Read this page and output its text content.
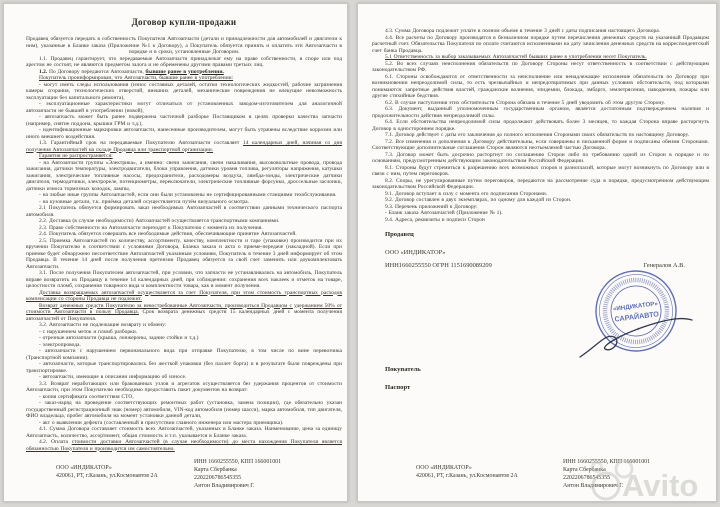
Договор купли-продажи

Продавец обязуется передать в собственность Покупателя Автозапчасти (детали и принадлежности для автомобилей и двигатели к ним), указанные в Бланке заказа (Приложение №1 к Договору), а Покупатель обязуется принять и оплатить эти Автозапчасти в порядке и в сроки, установленные Договором.

1.1. Продавец гарантирует, что передаваемые Автозапчасти принадлежат ему на праве собственности, в споре или под арестом не состоят, не являются предметом залога и не обременены другими правами третьих лиц.

1.2. По Договору передаются Автозапчасти, бывшие ранее в употреблении.

Покупатель проинформирован, что Автозапчасти, бывшие ранее в употреблении:

- могут иметь следы использования (износ составных деталей, остатки технологических жидкостей, рабочие загрязнения камеры сгорания, технологических отверстий, внешних деталей, механические повреждения не влекущие невозможность эксплуатации без капитального ремонта),

- эксплуатационные характеристики могут отличаться от установленных заводом-изготовителем для аналогичной автозапчасти не бывшей в употреблении (новой),

- автозапчасть может быть ранее подвержена частичной разборке Поставщиком в целях проверки качества запчасти (например, снятие поддона, крышки ГРМ и т.д.),

- идентификационные маркировки автозапчасти, нанесенные производителем, могут быть утрачены вследствие коррозии или иного внешнего воздействия.

1.3. Гарантийный срок на передаваемые Покупателю Автозапчасти составляет 14 календарных дней, начиная со дня получения Автозапчастей на складе Продавца или транспортной организации.

Гарантия не распространяется:

- на Автозапчасти группы «Электрика», а именно: свечи зажигания, свечи накаливания, высоковольтные провода, провода зажигания, датчики температуры, электродвигатели, блоки управления, датчики уровня топлива, регуляторы напряжения, катушки зажигания, электрические топливные насосы, предохранители, расходомеры воздуха, лямбда-зонды, электрические датчики двигателя, термодатчики, электрореле, потенциометры, переключатели, электрические топливные форсунки, дроссельные заслонки, датчики износа тормозных колодок, лампы,

- на любые иные группы Автозапчастей, если они были установлены не сертифицированными станциями техобслуживания.

- на кузовные детали, т.к. приёмка деталей осуществляется путём визуального осмотра.

2.1 Покупатель обязуется формировать заказ необходимых Автозапчастей в соответствии данными технического паспорта автомобиля.

2.2. Доставка (в случае необходимости) Автозапчастей осуществляется транспортными компаниями.

2.3. Право собственности на Автозапчасти переходит к Покупателю с момента их получения.

2.4. Покупатель обязуется совершать все необходимые действия, обеспечивающие принятие Автозапчастей.

2.5. Приемка Автозапчастей по количеству, ассортименту, качеству, комплектности и таре (упаковке) производится при их вручении Покупателю в соответствии с условиями Договора, Бланка заказа и акта о приеме-передаче (накладной). Если при приемке будет обнаружено несоответствие Автозапчастей указанным условиям, Покупатель в течение 3 дней информирует об этом Продавца. В течение 14 дней после получения претензии Продавец обязуется за свой счет заменить или доукомплектовать Автозапчасти.

3.1. После получения Покупателем автозапчастей, при условии, что запчасти не устанавливались на автомобиль, Покупатель вправе возвратить их Продавцу в течение 14 календарных дней, при соблюдении: сохранения всех наклеек и отметок на товаре, целостности пломб, сохранения товарного вида и комплектности товара, как в момент получения.

Доставка возвращаемых автозапчастей осуществляется за счет Покупателя, при этом стоимость транспортных расходов компенсации со стороны Продавца не подлежит.

Возврат денежных средств Покупателю за невостребованные Автозапчасти, производиться Продавцом с удержанием 50% от стоимости Автозапчасти в пользу Продавца. Срок возврата денежных средств 15 календарных дней с момента получения автозапчастей от Покупателя.

3.2. Автозапчасти не подлежащие возврату и обмену:

- с нарушением меток и пломб разборки.

- отрезные автозапчасти (крыша, лонжероны, задние стойки и т.д.)

- электропровода.

- автозапчасти с нарушением первоначального вида при отправке Покупателю, в том числе по вине перевозчика (Транспортной компании).

- автозапчасти, которые транспортировались без жесткой упаковки (без паллет борта) и в результате были повреждены при транспортировке.

- автозапчасти, имеющие в описании информацию об износе.

3.3. Возврат неработающих или бракованных узлов и агрегатов осуществляется без удержания процентов от стоимости Автозапчасти, при этом Покупателю необходимо предоставить пакет документов на возврат:

- копия сертификата соответствия СТО,

- заказ-наряд на проведение соответствующих ремонтных работ (установка, замена позиции), где обязательно указан государственный регистрационный знак (номер) автомобиля, VIN-код автомобиля (номер шасси), марка автомобиля, тип двигателя, ФИО владельца, пробег автомобиля на момент установки данной детали,

- акт о выявлении дефекта (составленный в присутствии главного инженера или мастера приемщика).

4.1. Сумма Договора составляет стоимость всех Автозапчастей, указанных в Бланке заказа. Наименование, цена за единицу Автозапчасть, количество, ассортимент, общая стоимость и т.п. указывается в Бланке заказа.

4.2. Оплата стоимости доставки Автозапчастей (в случае необходимости) до места нахождения Покупателя является обязанностью Покупателя и производится им самостоятельно.

ООО «ИНДИКАТОР»
420061, РТ, г.Казань, ул.Космонавтов 2А
ИНН 1660255550, КПП 166001001
Карта Сбербанка
2202206786545355
Антон Владимирович Г.

4.3. Сумма Договора подлежит уплате в полном объеме в течение 3 дней с даты подписания настоящего Договора.

4.4. Все расчеты по Договору производятся в безналичном порядке путем перечисления денежных средств на указанный Продавцом расчетный счет. Обязательства Покупателя по оплате считаются исполненными на дату зачисления денежных средств на корреспондентский счет банка Продавца.

5.1 Ответственность за выбор заказываемых Автозапчастей бывших ранее в употреблении несет Покупатель.

5.2. Во всех случаях неисполнения обязательств по Договору Стороны несут ответственность в соответствии с действующим законодательством РФ.

6.1. Стороны освобождаются от ответственности за неисполнение или ненадлежащее исполнение обязательств по Договору при возникновении непреодолимой силы, то есть чрезвычайных и непредотвратимых при данных условиях обстоятельств, под которыми понимаются: запретные действия властей, гражданские волнения, эпидемии, блокада, эмбарго, землетрясения, наводнения, пожары или другие стихийные бедствия.

6.2. В случае наступления этих обстоятельств Сторона обязана в течение 5 дней уведомить об этом другую Сторону.

6.3. Документ, выданный уполномоченным государственным органом, является достаточным подтверждением наличия и продолжительности действия непреодолимой силы.

6.4. Если обстоятельства непреодолимой силы продолжают действовать более 3 месяцев, то каждая Сторона вправе расторгнуть Договор в одностороннем порядке.

7.1. Договор действует с даты его заключения до полного исполнения Сторонами своих обязательств по настоящему Договору.

7.2. Все изменения и дополнения к Договору действительны, если совершены в письменной форме и подписаны обеими Сторонами. Соответствующие дополнительные соглашения Сторон являются неотъемлемой частью Договора.

7.3. Договор может быть досрочно расторгнут по соглашению Сторон либо по требованию одной из Сторон в порядке и по основаниям, предусмотренным действующим законодательством Российской Федерации.

8.1. Стороны будут стремиться к разрешению всех возможных споров и разногласий, которые могут возникнуть по Договору или в связи с ним, путем переговоров.

8.2. Споры, не урегулированные путем переговоров, передаются на рассмотрение суда в порядке, предусмотренном действующим законодательством Российской Федерации.

9.1. Договор вступает в силу с момента его подписания Сторонами.

9.2. Договор составлен в двух экземплярах, по одному для каждой из Сторон.

9.3. Перечень приложений к Договору:

- Бланк заказа Автозапчастей (Приложение № 1).

9.4. Адреса, реквизиты и подписи Сторон

Продавец
ООО «ИНДИКАТОР»
Генералов А.В.
ИНН1660255550 ОГРН 1151690089209
«ИНДИКАТОР»
САРАЙАВТО
+
Покупатель
Паспорт
ООО «ИНДИКАТОР»
420061, РТ, г.Казань, ул.Космонавтов 2А
ИНН 1660255550, КПП 166001001
Карта Сбербанка
2202206786545355
Антон Владимирович Г.
Avito
